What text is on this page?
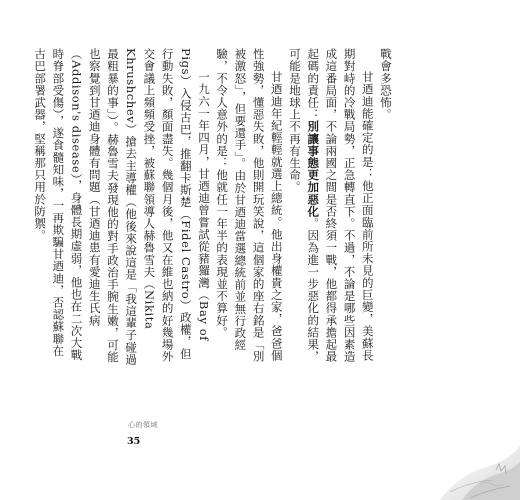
戰會多恐怖。

甘迺迪能確定的是：他正面臨前所未見的巨變，美蘇長期對峙的冷戰局勢，正急轉直下。不過，不論是哪些因素造成這番局面，不論兩國之間是否終須一戰，他都得承擔起最起碼的責任：別讓事態更加惡化。因為進一步惡化的結果，可能是地球上不再有生命。

甘迺迪年紀輕輕就選上總統。他出身權貴之家，爸爸個性強勢，懂惡失敗，他則開玩笑說，這個家的座右銘是「別被激怒」，但要還手」。由於甘迺迪當選總統前並無行政經驗，不令人意外的是：他就任一年半的表現並不算好。

一九六一年四月，甘迺迪曾嘗試從豬玀灣（Bay of Pigs）入侵古巴，推翻卡斯楚（Fidel Castro）政權，但行動失敗，顏面盡失。幾個月後，他又在維也納的好幾場外交會議上頻頻受挫，被蘇聯領導人赫魯雪夫（Nikita Khrushchev）搶去主導權（他後來說這是「我這輩子碰過最粗暴的事」）。赫魯雪夫發現他的對手政治手腕生嫩，可能也察覺到甘迺迪身體有問題（甘迺迪患有愛迪生氏病（Addison's disease），身體長期虛弱，他也在二次大戰時脊部受傷），遂食髓知味，一再欺騙甘迺迪，否認蘇聯在古巴部署武器，堅稱那只用於防禦。

心的領域
35
